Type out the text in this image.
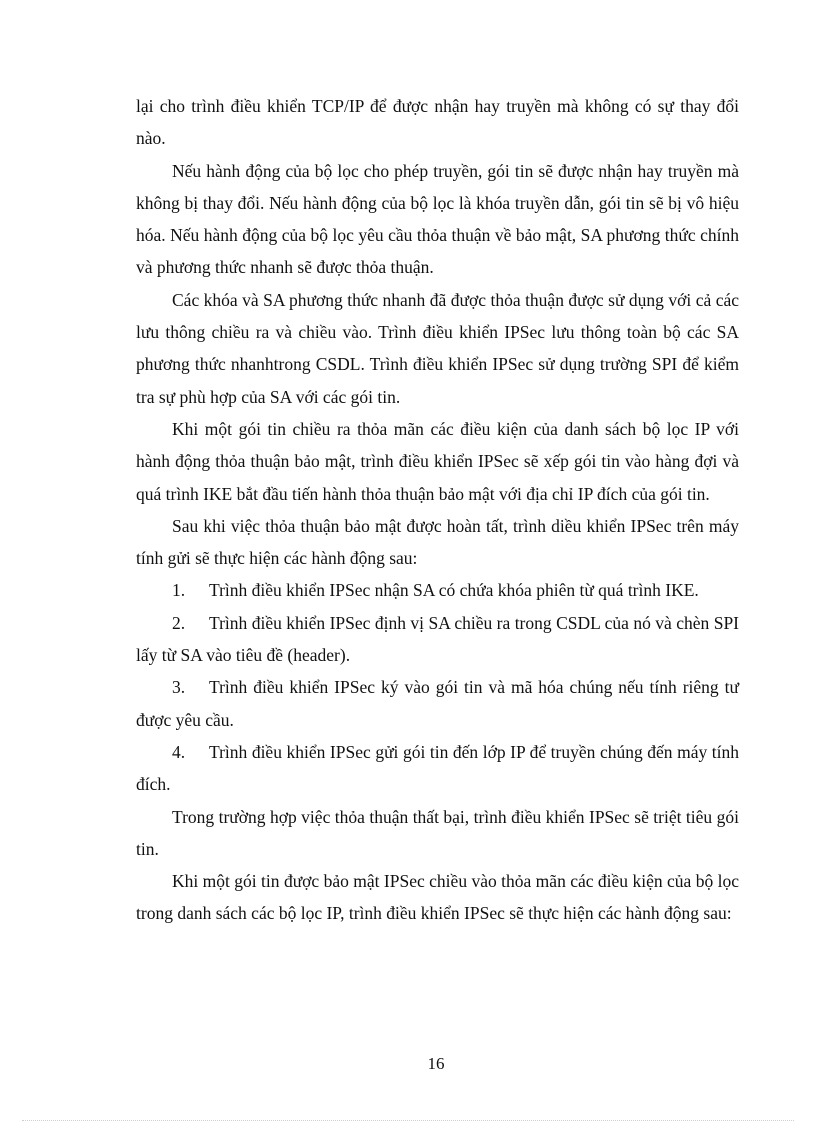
lại cho trình điều khiển TCP/IP để được nhận hay truyền mà không có sự thay đổi nào.

Nếu hành động của bộ lọc cho phép truyền, gói tin sẽ được nhận hay truyền mà không bị thay đổi. Nếu hành động của bộ lọc là khóa truyền dẫn, gói tin sẽ bị vô hiệu hóa. Nếu hành động của bộ lọc yêu cầu thỏa thuận về bảo mật, SA phương thức chính và phương thức nhanh sẽ được thỏa thuận.

Các khóa và SA phương thức nhanh đã được thỏa thuận được sử dụng với cả các lưu thông chiều ra và chiều vào. Trình điều khiển IPSec lưu thông toàn bộ các SA phương thức nhanhtrong CSDL. Trình điều khiển IPSec sử dụng trường SPI để kiểm tra sự phù hợp của SA với các gói tin.

Khi một gói tin chiều ra thỏa mãn các điều kiện của danh sách bộ lọc IP với hành động thỏa thuận bảo mật, trình điều khiển IPSec sẽ xếp gói tin vào hàng đợi và quá trình IKE bắt đầu tiến hành thỏa thuận bảo mật với địa chỉ IP đích của gói tin.

Sau khi việc thỏa thuận bảo mật được hoàn tất, trình diều khiển IPSec trên máy tính gửi sẽ thực hiện các hành động sau:

1. Trình điều khiển IPSec nhận SA có chứa khóa phiên từ quá trình IKE.

2. Trình điều khiển IPSec định vị SA chiều ra trong CSDL của nó và chèn SPI lấy từ SA vào tiêu đề (header).

3. Trình điều khiển IPSec ký vào gói tin và mã hóa chúng nếu tính riêng tư được yêu cầu.

4. Trình điều khiển IPSec gửi gói tin đến lớp IP để truyền chúng đến máy tính đích.

Trong trường hợp việc thỏa thuận thất bại, trình điều khiển IPSec sẽ triệt tiêu gói tin.

Khi một gói tin được bảo mật IPSec chiều vào thỏa mãn các điều kiện của bộ lọc trong danh sách các bộ lọc IP, trình điều khiển IPSec sẽ thực hiện các hành động sau:

16
